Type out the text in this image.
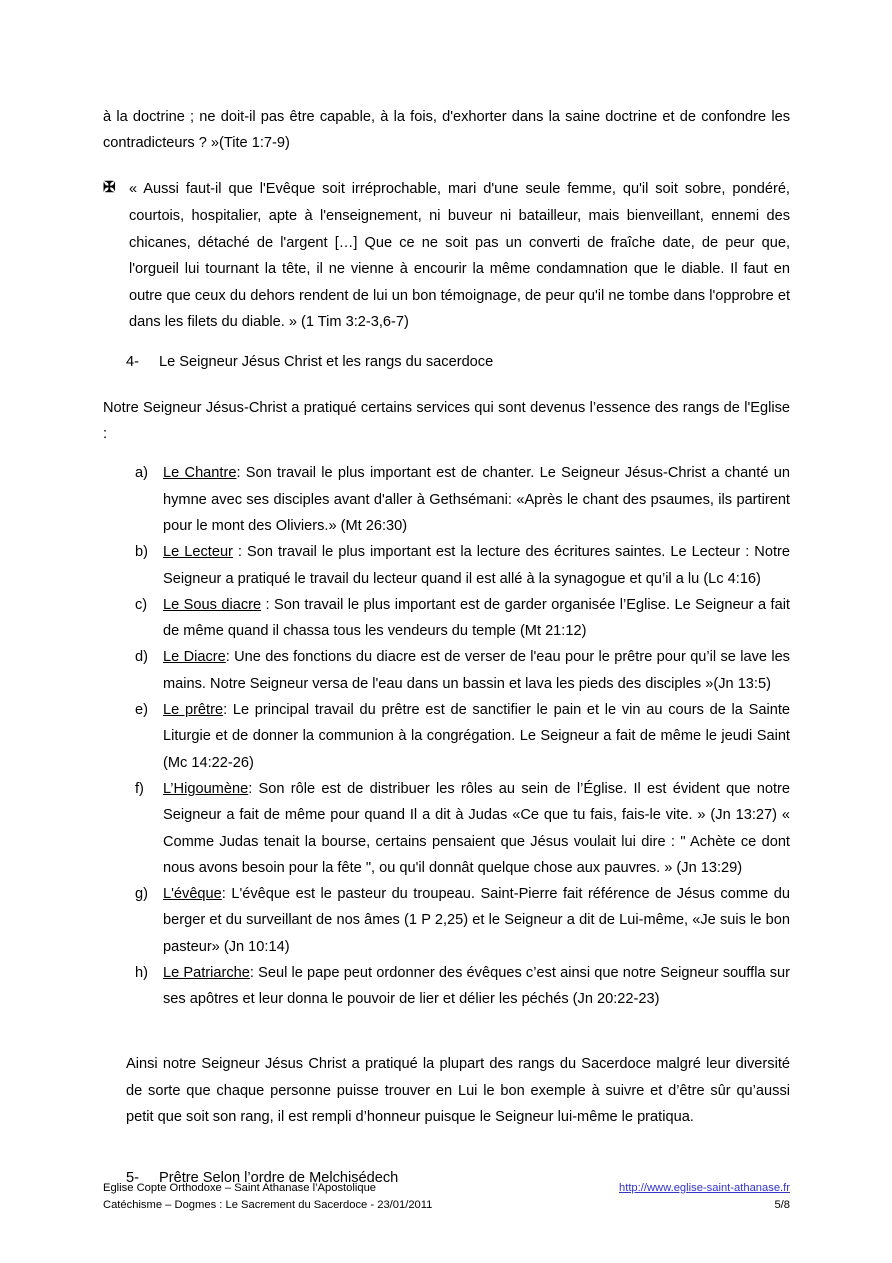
à la doctrine ; ne doit-il pas être capable, à la fois, d'exhorter dans la saine doctrine et de confondre les contradicteurs ? »(Tite 1:7-9)

✠ « Aussi faut-il que l'Evêque soit irréprochable, mari d'une seule femme, qu'il soit sobre, pondéré, courtois, hospitalier, apte à l'enseignement, ni buveur ni batailleur, mais bienveillant, ennemi des chicanes, détaché de l'argent […] Que ce ne soit pas un converti de fraîche date, de peur que, l'orgueil lui tournant la tête, il ne vienne à encourir la même condamnation que le diable. Il faut en outre que ceux du dehors rendent de lui un bon témoignage, de peur qu'il ne tombe dans l'opprobre et dans les filets du diable. » (1 Tim 3:2-3,6-7)
4- Le Seigneur Jésus Christ et les rangs du sacerdoce

Notre Seigneur Jésus-Christ a pratiqué certains services qui sont devenus l’essence des rangs de l'Eglise :

a)	Le Chantre: Son travail le plus important est de chanter. Le Seigneur Jésus-Christ a chanté un hymne avec ses disciples avant d'aller à Gethsémani: «Après le chant des psaumes, ils partirent pour le mont des Oliviers.» (Mt 26:30)
b)	Le Lecteur : Son travail le plus important est la lecture des écritures saintes. Le Lecteur : Notre Seigneur a pratiqué le travail du lecteur quand il est allé à la synagogue et qu’il a lu (Lc 4:16)
c)	Le Sous diacre : Son travail le plus important est de garder organisée l’Eglise. Le Seigneur a fait de même quand il chassa tous les vendeurs du temple (Mt 21:12)
d)	Le Diacre: Une des fonctions du diacre est de verser de l'eau pour le prêtre pour qu’il se lave les mains. Notre Seigneur versa de l'eau dans un bassin et lava les pieds des disciples »(Jn 13:5)
e)	Le prêtre: Le principal travail du prêtre est de sanctifier le pain et le vin au cours de la Sainte Liturgie et de donner la communion à la congrégation. Le Seigneur a fait de même le jeudi Saint (Mc 14:22-26)
f)	L’Higoumène: Son rôle est de distribuer les rôles au sein de l’Église. Il est évident que notre Seigneur a fait de même pour quand Il a dit à Judas «Ce que tu fais, fais-le vite. » (Jn 13:27) « Comme Judas tenait la bourse, certains pensaient que Jésus voulait lui dire : " Achète ce dont nous avons besoin pour la fête ", ou qu'il donnât quelque chose aux pauvres. » (Jn 13:29)
g)	L'évêque: L'évêque est le pasteur du troupeau. Saint-Pierre fait référence de Jésus comme du berger et du surveillant de nos âmes (1 P 2,25) et le Seigneur a dit de Lui-même, «Je suis le bon pasteur» (Jn 10:14)
h)	Le Patriarche: Seul le pape peut ordonner des évêques c’est ainsi que notre Seigneur souffla sur ses apôtres et leur donna le pouvoir de lier et délier les péchés (Jn 20:22-23)

Ainsi notre Seigneur Jésus Christ a pratiqué la plupart des rangs du Sacerdoce malgré leur diversité de sorte que chaque personne puisse trouver en Lui le bon exemple à suivre et d’être sûr qu’aussi petit que soit son rang, il est rempli d’honneur puisque le Seigneur lui-même le pratiqua.

5- Prêtre Selon l’ordre de Melchisédech
Eglise Copte Orthodoxe – Saint Athanase l’Apostolique	http://www.eglise-saint-athanase.fr
Catéchisme – Dogmes : Le Sacrement du Sacerdoce - 23/01/2011	5/8
